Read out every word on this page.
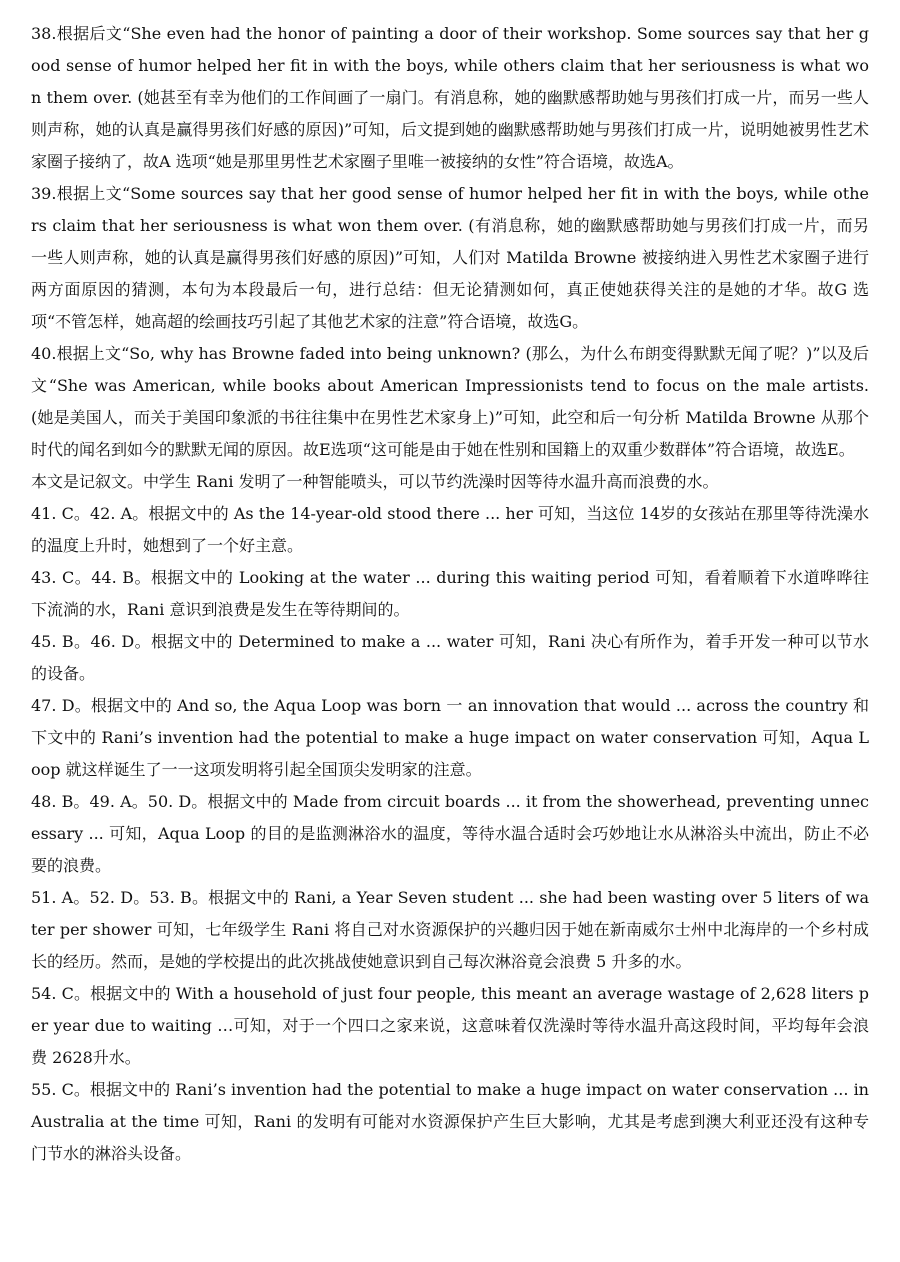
38.根据后文“She even had the honor of painting a door of their workshop. Some sources say that her good sense of humor helped her fit in with the boys, while others claim that her seriousness is what won them over. (她甚至有幸为他们的工作间画了一扇门。有消息称，她的幽默感帮助她与男孩们打成一片，而另一些人则声称，她的认真是赢得男孩们好感的原因)”可知，后文提到她的幽默感帮助她与男孩们打成一片，说明她被男性艺术家圈子接纳了，故A 选项“她是那里男性艺术家圈子里唯一被接纳的女性”符合语境，故选A。

39.根据上文“Some sources say that her good sense of humor helped her fit in with the boys, while others claim that her seriousness is what won them over. (有消息称，她的幽默感帮助她与男孩们打成一片，而另一些人则声称，她的认真是赢得男孩们好感的原因)”可知，人们对 Matilda Browne 被接纳进入男性艺术家圈子进行两方面原因的猜测，本句为本段最后一句，进行总结：但无论猜测如何，真正使她获得关注的是她的才华。故G 选项“不管怎样，她高超的绘画技巧引起了其他艺术家的注意”符合语境，故选G。

40.根据上文“So, why has Browne faded into being unknown? (那么，为什么布朗变得默默无闻了呢？)”以及后文“She was American, while books about American Impressionists tend to focus on the male artists. (她是美国人，而关于美国印象派的书往往集中在男性艺术家身上)”可知，此空和后一句分析 Matilda Browne 从那个时代的闻名到如今的默默无闻的原因。故E选项“这可能是由于她在性别和国籍上的双重少数群体”符合语境，故选E。

本文是记叙文。中学生 Rani 发明了一种智能喷头，可以节约洗澡时因等待水温升高而浪费的水。

41. C。42. A。根据文中的 As the 14-year-old stood there ... her 可知，当这位 14岁的女孩站在那里等待洗澡水的温度上升时，她想到了一个好主意。

43. C。44. B。根据文中的 Looking at the water ... during this waiting period 可知，看着顺着下水道哗哗往下流淌的水，Rani 意识到浪费是发生在等待期间的。

45. B。46. D。根据文中的 Determined to make a ... water 可知，Rani 决心有所作为，着手开发一种可以节水的设备。

47. D。根据文中的 And so, the Aqua Loop was born 一 an innovation that would ... across the country 和下文中的 Rani’s invention had the potential to make a huge impact on water conservation 可知，Aqua Loop 就这样诞生了一一这项发明将引起全国顶尖发明家的注意。

48. B。49. A。50. D。根据文中的 Made from circuit boards ... it from the showerhead, preventing unnecessary ... 可知，Aqua Loop 的目的是监测淋浴水的温度，等待水温合适时会巧妙地让水从淋浴头中流出，防止不必要的浪费。

51. A。52. D。53. B。根据文中的 Rani, a Year Seven student ... she had been wasting over 5 liters of water per shower 可知，七年级学生 Rani 将自己对水资源保护的兴趣归因于她在新南威尔士州中北海岸的一个乡村成长的经历。然而，是她的学校提出的此次挑战使她意识到自己每次淋浴竟会浪费 5 升多的水。

54. C。根据文中的 With a household of just four people, this meant an average wastage of 2,628 liters per year due to waiting …可知，对于一个四口之家来说，这意味着仅洗澡时等待水温升高这段时间，平均每年会浪费 2628升水。

55. C。根据文中的 Rani’s invention had the potential to make a huge impact on water conservation ... in Australia at the time 可知，Rani 的发明有可能对水资源保护产生巨大影响，尤其是考虑到澳大利亚还没有这种专门节水的淋浴头设备。
